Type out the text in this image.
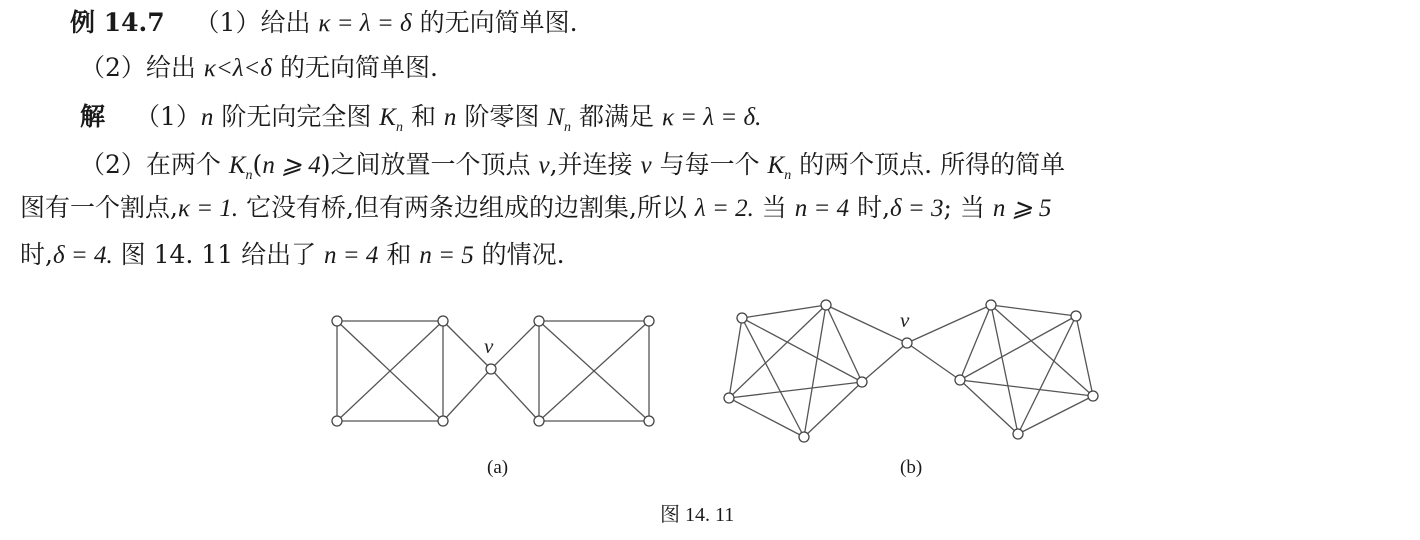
例 14.7 （1）给出 κ = λ = δ 的无向简单图.
（2）给出 κ<λ<δ 的无向简单图.
解 （1）n 阶无向完全图 $K_n$ 和 n 阶零图 $N_n$ 都满足 κ = λ = δ.
（2）在两个 $K_n(n$ ⩾ 4)之间放置一个顶点 v,并连接 v 与每一个 $K_n$ 的两个顶点. 所得的简单
图有一个割点,κ = 1. 它没有桥,但有两条边组成的边割集,所以 λ = 2. 当 n = 4 时,δ = 3; 当 n ⩾ 5
时,δ = 4. 图 14. 11 给出了 n = 4 和 n = 5 的情况.
v
v
(a)	(b)
图 14. 11
